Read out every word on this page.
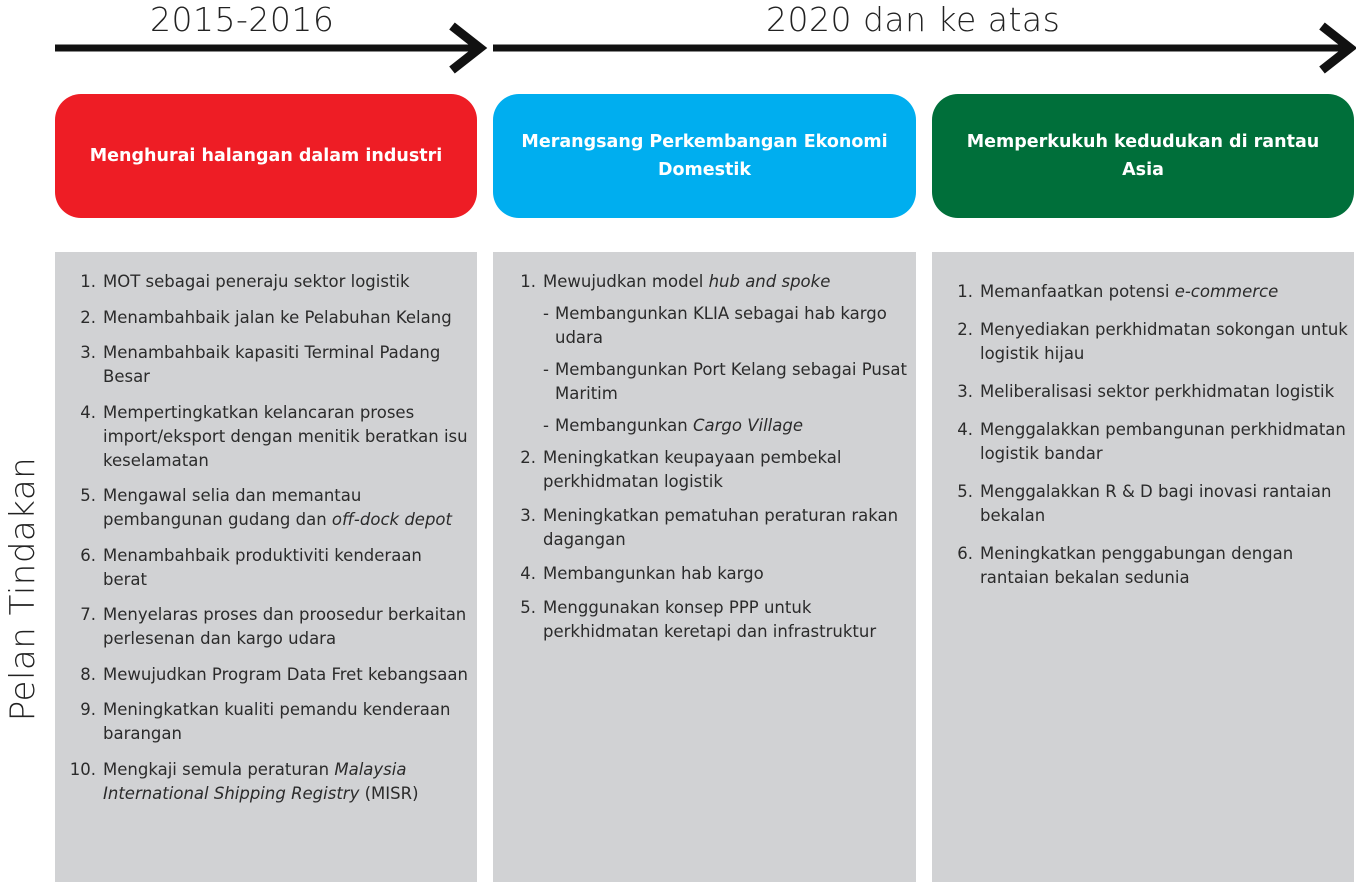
2015-2016	2020 dan ke atas
Pelan Tindakan
Menghurai halangan dalam industri
Merangsang Perkembangan Ekonomi Domestik
Memperkukuh kedudukan di rantau Asia
1. MOT sebagai peneraju sektor logistik
2. Menambahbaik jalan ke Pelabuhan Kelang
3. Menambahbaik kapasiti Terminal Padang Besar
4. Mempertingkatkan kelancaran proses import/eksport dengan menitik beratkan isu keselamatan
5. Mengawal selia dan memantau pembangunan gudang dan off-dock depot
6. Menambahbaik produktiviti kenderaan berat
7. Menyelaras proses dan proosedur berkaitan perlesenan dan kargo udara
8. Mewujudkan Program Data Fret kebangsaan
9. Meningkatkan kualiti pemandu kenderaan barangan
10. Mengkaji semula peraturan Malaysia International Shipping Registry (MISR)
1. Mewujudkan model hub and spoke
- Membangunkan KLIA sebagai hab kargo udara
- Membangunkan Port Kelang sebagai Pusat Maritim
- Membangunkan Cargo Village
2. Meningkatkan keupayaan pembekal perkhidmatan logistik
3. Meningkatkan pematuhan peraturan rakan dagangan
4. Membangunkan hab kargo
5. Menggunakan konsep PPP untuk perkhidmatan keretapi dan infrastruktur
1. Memanfaatkan potensi e-commerce
2. Menyediakan perkhidmatan sokongan untuk logistik hijau
3. Meliberalisasi sektor perkhidmatan logistik
4. Menggalakkan pembangunan perkhidmatan logistik bandar
5. Menggalakkan R & D bagi inovasi rantaian bekalan
6. Meningkatkan penggabungan dengan rantaian bekalan sedunia
